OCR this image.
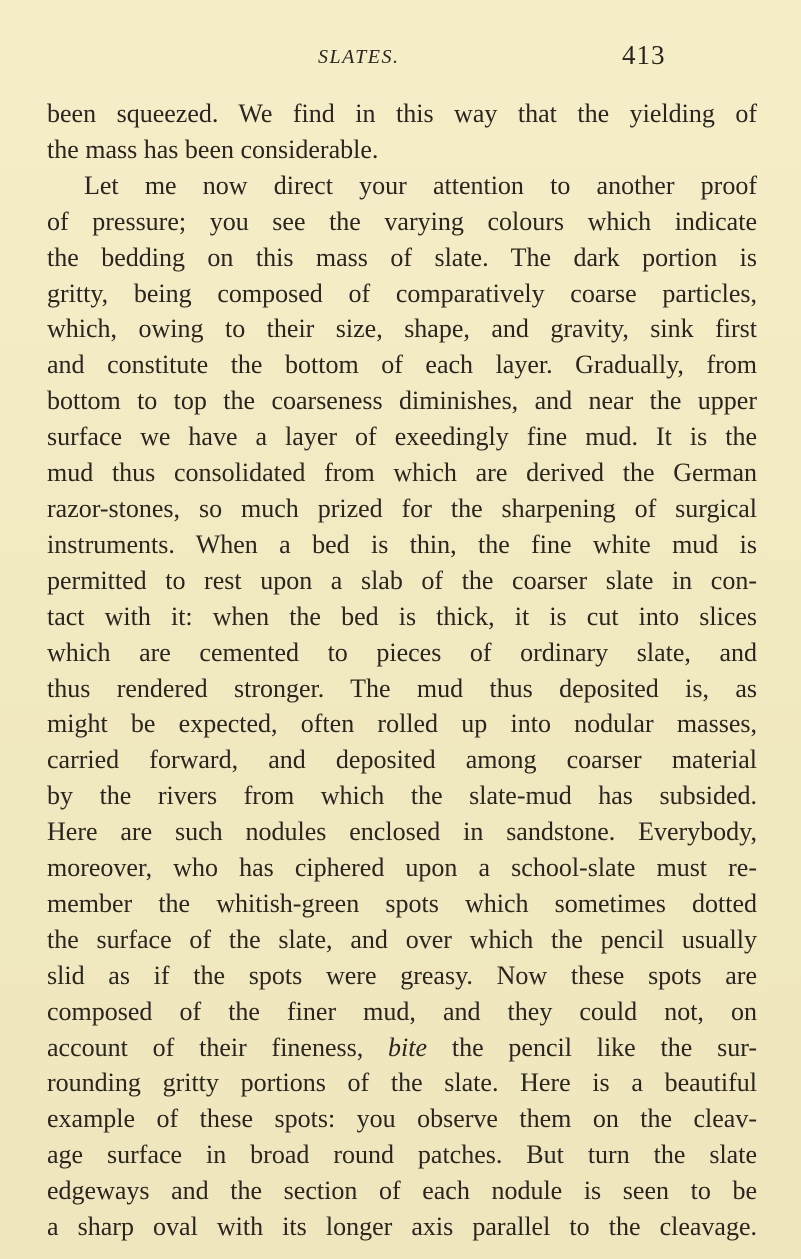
SLATES.	413
been squeezed. We find in this way that the yielding of
the mass has been considerable.
Let me now direct your attention to another proof
of pressure; you see the varying colours which indicate
the bedding on this mass of slate. The dark portion is
gritty, being composed of comparatively coarse particles,
which, owing to their size, shape, and gravity, sink first
and constitute the bottom of each layer. Gradually, from
bottom to top the coarseness diminishes, and near the upper
surface we have a layer of exeedingly fine mud. It is the
mud thus consolidated from which are derived the German
razor-stones, so much prized for the sharpening of surgical
instruments. When a bed is thin, the fine white mud is
permitted to rest upon a slab of the coarser slate in con-
tact with it: when the bed is thick, it is cut into slices
which are cemented to pieces of ordinary slate, and
thus rendered stronger. The mud thus deposited is, as
might be expected, often rolled up into nodular masses,
carried forward, and deposited among coarser material
by the rivers from which the slate-mud has subsided.
Here are such nodules enclosed in sandstone. Everybody,
moreover, who has ciphered upon a school-slate must re-
member the whitish-green spots which sometimes dotted
the surface of the slate, and over which the pencil usually
slid as if the spots were greasy. Now these spots are
composed of the finer mud, and they could not, on
account of their fineness, bite the pencil like the sur-
rounding gritty portions of the slate. Here is a beautiful
example of these spots: you observe them on the cleav-
age surface in broad round patches. But turn the slate
edgeways and the section of each nodule is seen to be
a sharp oval with its longer axis parallel to the cleavage.
